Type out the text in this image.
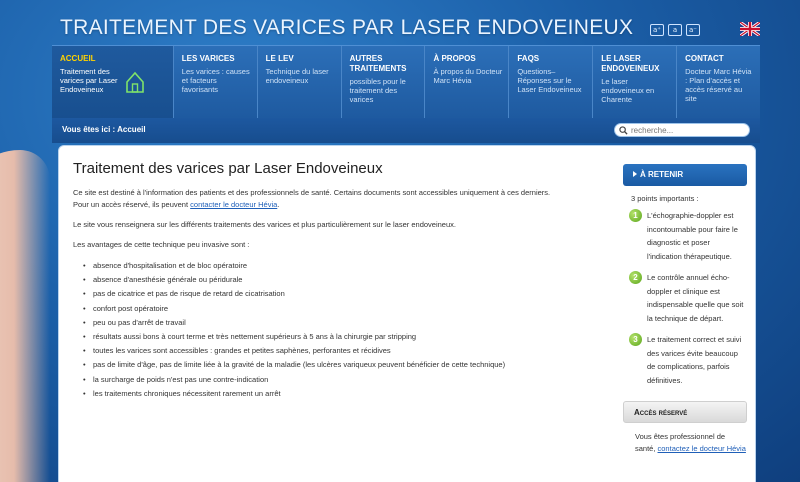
TRAITEMENT DES VARICES PAR LASER ENDOVEINEUX	a⁺	a	a⁻
ACCUEIL
Traitement des varices par Laser Endoveineux
LES VARICES
Les varices : causes et facteurs favorisants
LE LEV
Technique du laser endoveineux
AUTRES TRAITEMENTS
possibles pour le traitement des varices
À PROPOS
À propos du Docteur Marc Hévia
FAQS
Questions–Réponses sur le Laser Endoveineux
LE LASER ENDOVEINEUX
Le laser endoveineux en Charente
CONTACT
Docteur Marc Hévia : Plan d'accès et accès réservé au site
Vous êtes ici : Accueil
recherche...
Traitement des varices par Laser Endoveineux

Ce site est destiné à l'information des patients et des professionnels de santé. Certains documents sont accessibles uniquement à ces derniers.
Pour un accès réservé, ils peuvent contacter le docteur Hévia.

Le site vous renseignera sur les différents traitements des varices et plus particulièrement sur le laser endoveineux.

Les avantages de cette technique peu invasive sont :

• absence d'hospitalisation et de bloc opératoire
• absence d'anesthésie générale ou péridurale
• pas de cicatrice et pas de risque de retard de cicatrisation
• confort post opératoire
• peu ou pas d'arrêt de travail
• résultats aussi bons à court terme et très nettement supérieurs à 5 ans à la chirurgie par stripping
• toutes les varices sont accessibles : grandes et petites saphènes, perforantes et récidives
• pas de limite d'âge, pas de limite liée à la gravité de la maladie (les ulcères variqueux peuvent bénéficier de cette technique)
• la surcharge de poids n'est pas une contre-indication
• les traitements chroniques nécessitent rarement un arrêt
À RETENIR
3 points importants :
1	L'échographie-doppler est incontournable pour faire le diagnostic et poser l'indication thérapeutique.
2	Le contrôle annuel écho-doppler et clinique est indispensable quelle que soit la technique de départ.
3	Le traitement correct et suivi des varices évite beaucoup de complications, parfois définitives.
Accès réservé
Vous êtes professionnel de santé, contactez le docteur Hévia
